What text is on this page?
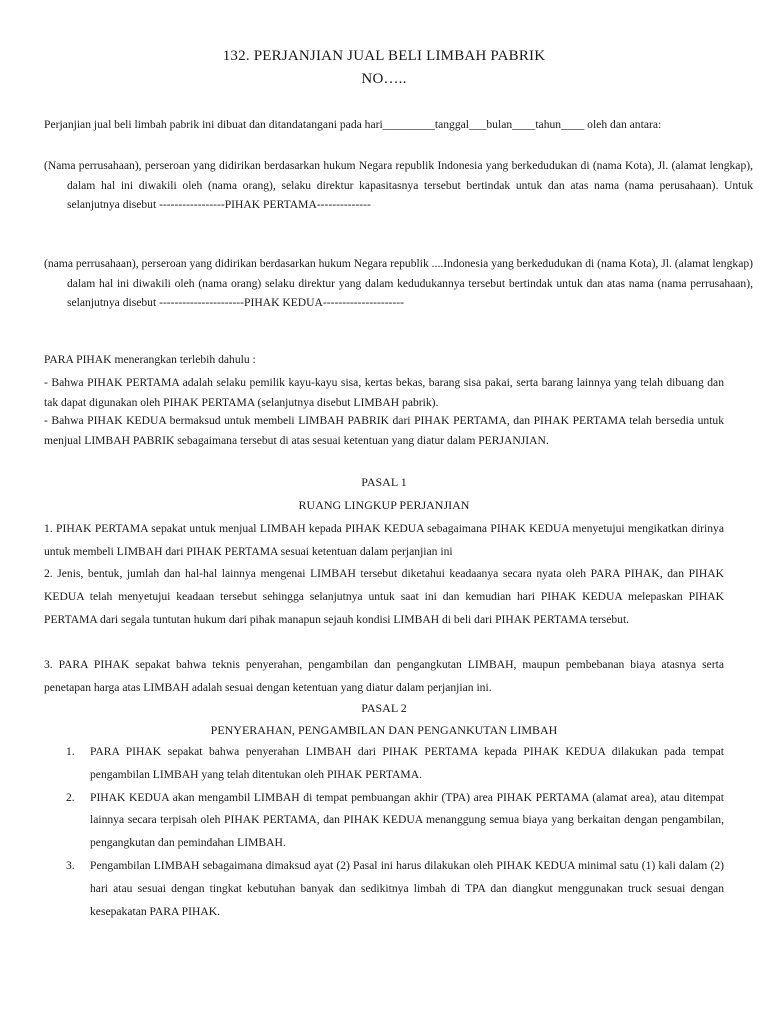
132. PERJANJIAN JUAL BELI LIMBAH PABRIK
NO…..

Perjanjian jual beli limbah pabrik ini dibuat dan ditandatangani pada hari_________tanggal___bulan____tahun____ oleh dan antara:

(Nama perrusahaan), perseroan yang didirikan berdasarkan hukum Negara republik Indonesia yang berkedudukan di (nama Kota), Jl. (alamat lengkap), dalam hal ini diwakili oleh (nama orang), selaku direktur kapasitasnya tersebut bertindak untuk dan atas nama (nama perusahaan). Untuk selanjutnya disebut -----------------PIHAK PERTAMA--------------

(nama perrusahaan), perseroan yang didirikan berdasarkan hukum Negara republik ....Indonesia yang berkedudukan di (nama Kota), Jl. (alamat lengkap) dalam hal ini diwakili oleh (nama orang) selaku direktur yang dalam kedudukannya tersebut bertindak untuk dan atas nama (nama perrusahaan), selanjutnya disebut ----------------------PIHAK KEDUA---------------------

PARA PIHAK menerangkan terlebih dahulu :

- Bahwa PIHAK PERTAMA adalah selaku pemilik kayu-kayu sisa, kertas bekas, barang sisa pakai, serta barang lainnya yang telah dibuang dan tak dapat digunakan oleh PIHAK PERTAMA (selanjutnya disebut LIMBAH pabrik).

- Bahwa PIHAK KEDUA bermaksud untuk membeli LIMBAH PABRIK dari PIHAK PERTAMA, dan PIHAK PERTAMA telah bersedia untuk menjual LIMBAH PABRIK sebagaimana tersebut di atas sesuai ketentuan yang diatur dalam PERJANJIAN.

PASAL 1
RUANG LINGKUP PERJANJIAN

1. PIHAK PERTAMA sepakat untuk menjual LIMBAH kepada PIHAK KEDUA sebagaimana PIHAK KEDUA menyetujui mengikatkan dirinya untuk membeli LIMBAH dari PIHAK PERTAMA sesuai ketentuan dalam perjanjian ini

2. Jenis, bentuk, jumlah dan hal-hal lainnya mengenai LIMBAH tersebut diketahui keadaanya secara nyata oleh PARA PIHAK, dan PIHAK KEDUA telah menyetujui keadaan tersebut sehingga selanjutnya untuk saat ini dan kemudian hari PIHAK KEDUA melepaskan PIHAK PERTAMA dari segala tuntutan hukum dari pihak manapun sejauh kondisi LIMBAH di beli dari PIHAK PERTAMA tersebut.

3. PARA PIHAK sepakat bahwa teknis penyerahan, pengambilan dan pengangkutan LIMBAH, maupun pembebanan biaya atasnya serta penetapan harga atas LIMBAH adalah sesuai dengan ketentuan yang diatur dalam perjanjian ini.

PASAL 2
PENYERAHAN, PENGAMBILAN DAN PENGANKUTAN LIMBAH
1. PARA PIHAK sepakat bahwa penyerahan LIMBAH dari PIHAK PERTAMA kepada PIHAK KEDUA dilakukan pada tempat pengambilan LIMBAH yang telah ditentukan oleh PIHAK PERTAMA.
2. PIHAK KEDUA akan mengambil LIMBAH di tempat pembuangan akhir (TPA) area PIHAK PERTAMA (alamat area), atau ditempat lainnya secara terpisah oleh PIHAK PERTAMA, dan PIHAK KEDUA menanggung semua biaya yang berkaitan dengan pengambilan, pengangkutan dan pemindahan LIMBAH.
3. Pengambilan LIMBAH sebagaimana dimaksud ayat (2) Pasal ini harus dilakukan oleh PIHAK KEDUA minimal satu (1) kali dalam (2) hari atau sesuai dengan tingkat kebutuhan banyak dan sedikitnya limbah di TPA dan diangkut menggunakan truck sesuai dengan kesepakatan PARA PIHAK.
